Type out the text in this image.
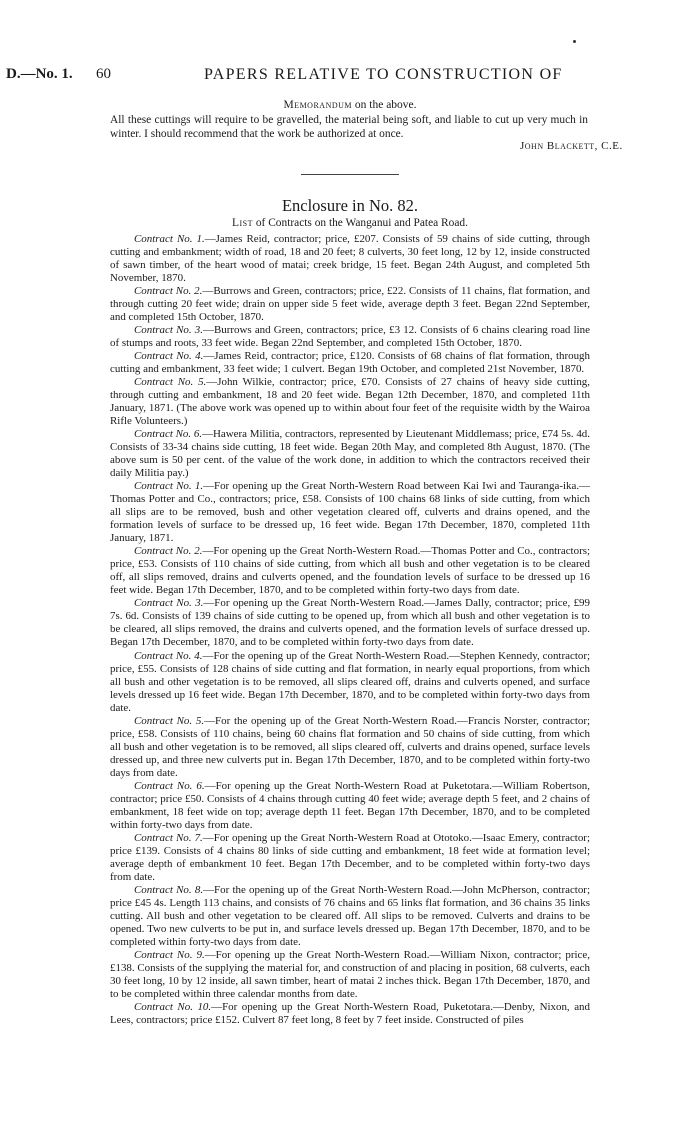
D.—No. 1. 60	PAPERS RELATIVE TO CONSTRUCTION OF
Memorandum on the above.
All these cuttings will require to be gravelled, the material being soft, and liable to cut up very much in winter. I should recommend that the work be authorized at once.
John Blackett, C.E.
Enclosure in No. 82.
List of Contracts on the Wanganui and Patea Road.

Contract No. 1.—James Reid, contractor; price, £207. Consists of 59 chains of side cutting, through cutting and embankment; width of road, 18 and 20 feet; 8 culverts, 30 feet long, 12 by 12, inside constructed of sawn timber, of the heart wood of matai; creek bridge, 15 feet. Began 24th August, and completed 5th November, 1870.

Contract No. 2.—Burrows and Green, contractors; price, £22. Consists of 11 chains, flat formation, and through cutting 20 feet wide; drain on upper side 5 feet wide, average depth 3 feet. Began 22nd September, and completed 15th October, 1870.

Contract No. 3.—Burrows and Green, contractors; price, £3 12. Consists of 6 chains clearing road line of stumps and roots, 33 feet wide. Began 22nd September, and completed 15th October, 1870.

Contract No. 4.—James Reid, contractor; price, £120. Consists of 68 chains of flat formation, through cutting and embankment, 33 feet wide; 1 culvert. Began 19th October, and completed 21st November, 1870.

Contract No. 5.—John Wilkie, contractor; price, £70. Consists of 27 chains of heavy side cutting, through cutting and embankment, 18 and 20 feet wide. Began 12th December, 1870, and completed 11th January, 1871. (The above work was opened up to within about four feet of the requisite width by the Wairoa Rifle Volunteers.)

Contract No. 6.—Hawera Militia, contractors, represented by Lieutenant Middlemass; price, £74 5s. 4d. Consists of 33-34 chains side cutting, 18 feet wide. Began 20th May, and completed 8th August, 1870. (The above sum is 50 per cent. of the value of the work done, in addition to which the contractors received their daily Militia pay.)

Contract No. 1.—For opening up the Great North-Western Road between Kai Iwi and Tauranga-ika.—Thomas Potter and Co., contractors; price, £58. Consists of 100 chains 68 links of side cutting, from which all slips are to be removed, bush and other vegetation cleared off, culverts and drains opened, and the formation levels of surface to be dressed up, 16 feet wide. Began 17th December, 1870, completed 11th January, 1871.

Contract No. 2.—For opening up the Great North-Western Road.—Thomas Potter and Co., contractors; price, £53. Consists of 110 chains of side cutting, from which all bush and other vegetation is to be cleared off, all slips removed, drains and culverts opened, and the foundation levels of surface to be dressed up 16 feet wide. Began 17th December, 1870, and to be completed within forty-two days from date.

Contract No. 3.—For opening up the Great North-Western Road.—James Dally, contractor; price, £99 7s. 6d. Consists of 139 chains of side cutting to be opened up, from which all bush and other vegetation is to be cleared, all slips removed, the drains and culverts opened, and the formation levels of surface dressed up. Began 17th December, 1870, and to be completed within forty-two days from date.

Contract No. 4.—For the opening up of the Great North-Western Road.—Stephen Kennedy, contractor; price, £55. Consists of 128 chains of side cutting and flat formation, in nearly equal proportions, from which all bush and other vegetation is to be removed, all slips cleared off, drains and culverts opened, and surface levels dressed up 16 feet wide. Began 17th December, 1870, and to be completed within forty-two days from date.

Contract No. 5.—For the opening up of the Great North-Western Road.—Francis Norster, contractor; price, £58. Consists of 110 chains, being 60 chains flat formation and 50 chains of side cutting, from which all bush and other vegetation is to be removed, all slips cleared off, culverts and drains opened, surface levels dressed up, and three new culverts put in. Began 17th December, 1870, and to be completed within forty-two days from date.

Contract No. 6.—For opening up the Great North-Western Road at Puketotara.—William Robertson, contractor; price £50. Consists of 4 chains through cutting 40 feet wide; average depth 5 feet, and 2 chains of embankment, 18 feet wide on top; average depth 11 feet. Began 17th December, 1870, and to be completed within forty-two days from date.

Contract No. 7.—For opening up the Great North-Western Road at Ototoko.—Isaac Emery, contractor; price £139. Consists of 4 chains 80 links of side cutting and embankment, 18 feet wide at formation level; average depth of embankment 10 feet. Began 17th December, and to be completed within forty-two days from date.

Contract No. 8.—For the opening up of the Great North-Western Road.—John McPherson, contractor; price £45 4s. Length 113 chains, and consists of 76 chains and 65 links flat formation, and 36 chains 35 links cutting. All bush and other vegetation to be cleared off. All slips to be removed. Culverts and drains to be opened. Two new culverts to be put in, and surface levels dressed up. Began 17th December, 1870, and to be completed within forty-two days from date.

Contract No. 9.—For opening up the Great North-Western Road.—William Nixon, contractor; price, £138. Consists of the supplying the material for, and construction of and placing in position, 68 culverts, each 30 feet long, 10 by 12 inside, all sawn timber, heart of matai 2 inches thick. Began 17th December, 1870, and to be completed within three calendar months from date.

Contract No. 10.—For opening up the Great North-Western Road, Puketotara.—Denby, Nixon, and Lees, contractors; price £152. Culvert 87 feet long, 8 feet by 7 feet inside. Constructed of piles
